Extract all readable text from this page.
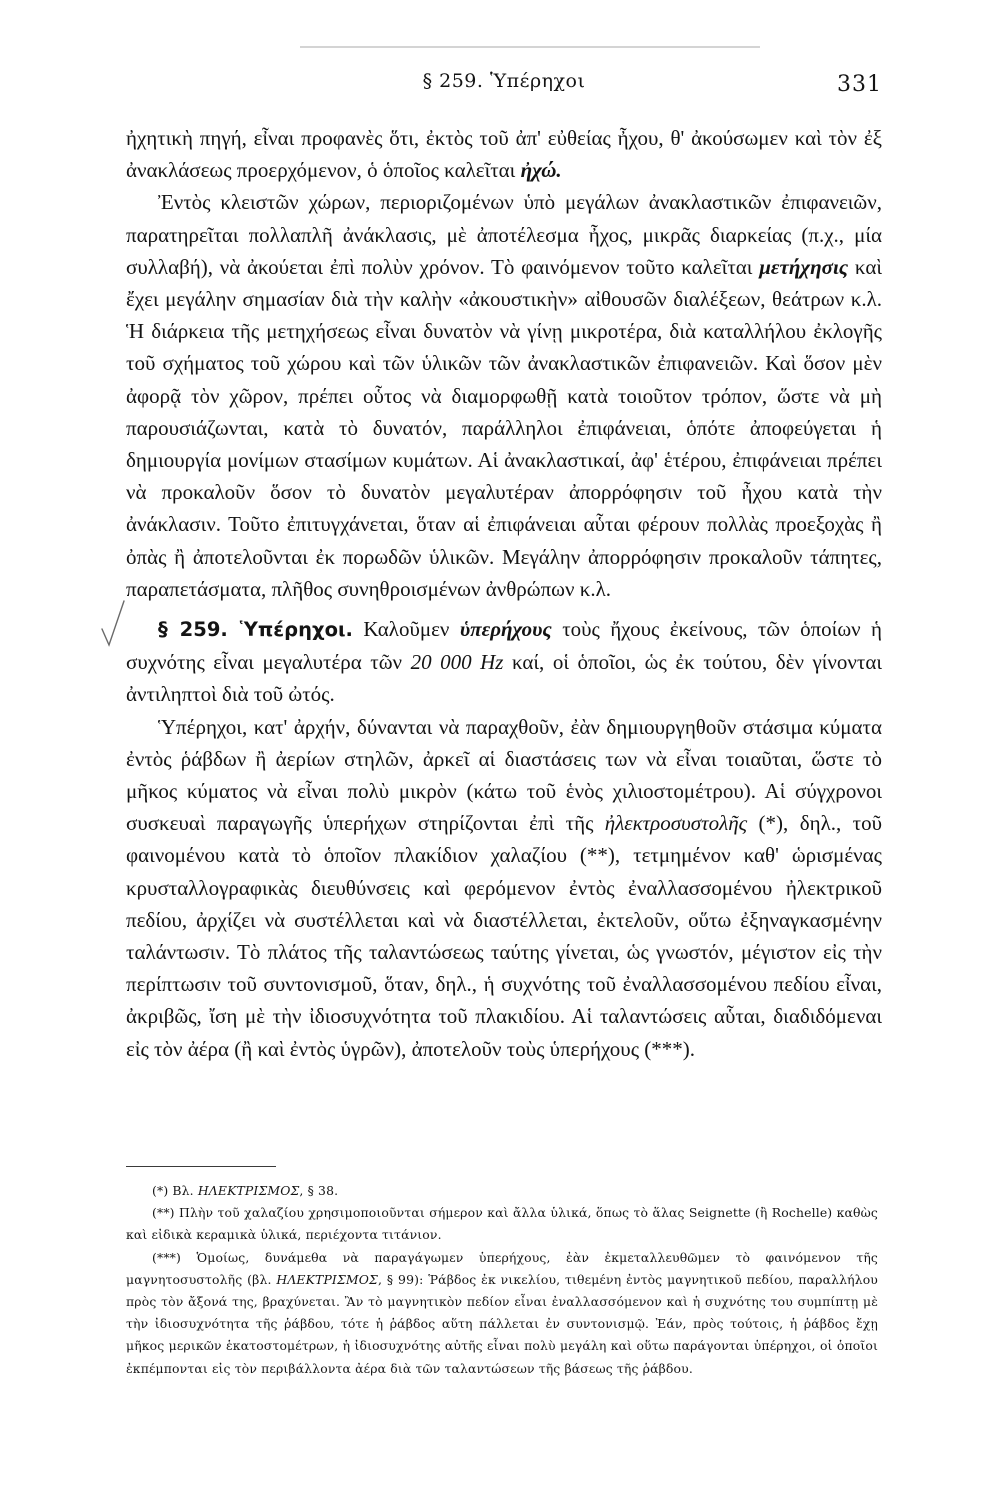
§ 259. Ὑπέρηχοι	331

ἠχητικὴ πηγή, εἶναι προφανὲς ὅτι, ἐκτὸς τοῦ ἀπ' εὐθείας ἦχου, θ' ἀκούσωμεν καὶ τὸν ἐξ ἀνακλάσεως προερχόμενον, ὁ ὁποῖος καλεῖται ἠχώ.

Ἐντὸς κλειστῶν χώρων, περιοριζομένων ὑπὸ μεγάλων ἀνακλαστικῶν ἐπιφανειῶν, παρατηρεῖται πολλαπλῆ ἀνάκλασις, μὲ ἀποτέλεσμα ἦχος, μικρᾶς διαρκείας (π.χ., μία συλλαβή), νὰ ἀκούεται ἐπὶ πολὺν χρόνον. Τὸ φαινόμενον τοῦτο καλεῖται μετήχησις καὶ ἔχει μεγάλην σημασίαν διὰ τὴν καλὴν «ἀκουστικὴν» αἰθουσῶν διαλέξεων, θεάτρων κ.λ. Ἡ διάρκεια τῆς μετηχήσεως εἶναι δυνατὸν νὰ γίνῃ μικροτέρα, διὰ καταλλήλου ἐκλογῆς τοῦ σχήματος τοῦ χώρου καὶ τῶν ὑλικῶν τῶν ἀνακλαστικῶν ἐπιφανειῶν. Καὶ ὅσον μὲν ἀφορᾷ τὸν χῶρον, πρέπει οὗτος νὰ διαμορφωθῇ κατὰ τοιοῦτον τρόπον, ὥστε νὰ μὴ παρουσιάζωνται, κατὰ τὸ δυνατόν, παράλληλοι ἐπιφάνειαι, ὁπότε ἀποφεύγεται ἡ δημιουργία μονίμων στασίμων κυμάτων. Αἱ ἀνακλαστικαί, ἀφ' ἑτέρου, ἐπιφάνειαι πρέπει νὰ προκαλοῦν ὅσον τὸ δυνατὸν μεγαλυτέραν ἀπορρόφησιν τοῦ ἦχου κατὰ τὴν ἀνάκλασιν. Τοῦτο ἐπιτυγχάνεται, ὅταν αἱ ἐπιφάνειαι αὗται φέρουν πολλὰς προεξοχὰς ἢ ὀπὰς ἢ ἀποτελοῦνται ἐκ πορωδῶν ὑλικῶν. Μεγάλην ἀπορρόφησιν προκαλοῦν τάπητες, παραπετάσματα, πλῆθος συνηθροισμένων ἀνθρώπων κ.λ.

§ 259. Ὑπέρηχοι. Καλοῦμεν ὑπερήχους τοὺς ἤχους ἐκείνους, τῶν ὁποίων ἡ συχνότης εἶναι μεγαλυτέρα τῶν 20 000 Hz καί, οἱ ὁποῖοι, ὡς ἐκ τούτου, δὲν γίνονται ἀντιληπτοὶ διὰ τοῦ ὠτός.

Ὑπέρηχοι, κατ' ἀρχήν, δύνανται νὰ παραχθοῦν, ἐὰν δημιουργηθοῦν στάσιμα κύματα ἐντὸς ῥάβδων ἢ ἀερίων στηλῶν, ἀρκεῖ αἱ διαστάσεις των νὰ εἶναι τοιαῦται, ὥστε τὸ μῆκος κύματος νὰ εἶναι πολὺ μικρὸν (κάτω τοῦ ἑνὸς χιλιοστομέτρου). Αἱ σύγχρονοι συσκευαὶ παραγωγῆς ὑπερήχων στηρίζονται ἐπὶ τῆς ἠλεκτροσυστολῆς (*), δηλ., τοῦ φαινομένου κατὰ τὸ ὁποῖον πλακίδιον χαλαζίου (**), τετμημένον καθ' ὡρισμένας κρυσταλλογραφικὰς διευθύνσεις καὶ φερόμενον ἐντὸς ἐναλλασσομένου ἠλεκτρικοῦ πεδίου, ἀρχίζει νὰ συστέλλεται καὶ νὰ διαστέλλεται, ἐκτελοῦν, οὕτω ἐξηναγκασμένην ταλάντωσιν. Τὸ πλάτος τῆς ταλαντώσεως ταύτης γίνεται, ὡς γνωστόν, μέγιστον εἰς τὴν περίπτωσιν τοῦ συντονισμοῦ, ὅταν, δηλ., ἡ συχνότης τοῦ ἐναλλασσομένου πεδίου εἶναι, ἀκριβῶς, ἴση μὲ τὴν ἰδιοσυχνότητα τοῦ πλακιδίου. Αἱ ταλαντώσεις αὗται, διαδιδόμεναι εἰς τὸν ἀέρα (ἢ καὶ ἐντὸς ὑγρῶν), ἀποτελοῦν τοὺς ὑπερήχους (***).

(*) Βλ. ΗΛΕΚΤΡΙΣΜΟΣ, § 38.

(**) Πλὴν τοῦ χαλαζίου χρησιμοποιοῦνται σήμερον καὶ ἄλλα ὑλικά, ὅπως τὸ ἅλας Seignette (ἢ Rochelle) καθὼς καὶ εἰδικὰ κεραμικὰ ὑλικά, περιέχοντα τιτάνιον.

(***) Ὁμοίως, δυνάμεθα νὰ παραγάγωμεν ὑπερήχους, ἐὰν ἐκμεταλλευθῶμεν τὸ φαινόμενον τῆς μαγνητοσυστολῆς (βλ. ΗΛΕΚΤΡΙΣΜΟΣ, § 99): Ῥάβδος ἐκ νικελίου, τιθεμένη ἐντὸς μαγνητικοῦ πεδίου, παραλλήλου πρὸς τὸν ἄξονά της, βραχύνεται. Ἂν τὸ μαγνητικὸν πεδίον εἶναι ἐναλλασσόμενον καὶ ἡ συχνότης του συμπίπτῃ μὲ τὴν ἰδιοσυχνότητα τῆς ῥάβδου, τότε ἡ ῥάβδος αὕτη πάλλεται ἐν συντονισμῷ. Ἐάν, πρὸς τούτοις, ἡ ῥάβδος ἔχῃ μῆκος μερικῶν ἑκατοστομέτρων, ἡ ἰδιοσυχνότης αὐτῆς εἶναι πολὺ μεγάλη καὶ οὕτω παράγονται ὑπέρηχοι, οἱ ὁποῖοι ἐκπέμπονται εἰς τὸν περιβάλλοντα ἀέρα διὰ τῶν ταλαντώσεων τῆς βάσεως τῆς ῥάβδου.
